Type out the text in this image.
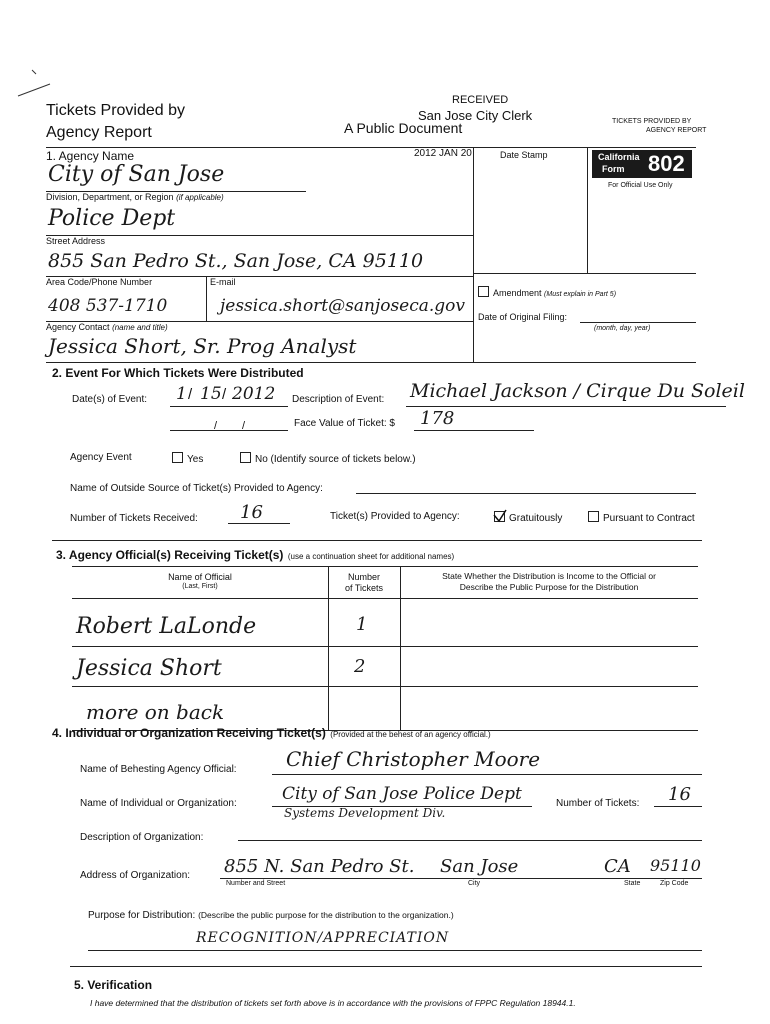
Tickets Provided by
Agency Report
RECEIVED
San Jose City Clerk
A Public Document	TICKETS PROVIDED BY
AGENCY REPORT
2012 JAN 20	Date Stamp	California
Form 802
For Official Use Only
1. Agency Name
City of San Jose
Division, Department, or Region (if applicable)
Police Dept
Street Address
855 San Pedro St., San Jose, CA 95110
Area Code/Phone Number	E-mail
408 537-1710	jessica.short@sanjoseca.gov
Agency Contact (name and title)
Jessica Short, Sr. Prog Analyst
Amendment (Must explain in Part 5)
Date of Original Filing:
(month, day, year)
2. Event For Which Tickets Were Distributed
Date(s) of Event: 1 / 15 / 2012 Description of Event: Michael Jackson / Cirque Du Soleil
/ /	Face Value of Ticket: $ 178
Agency Event	Yes	No (Identify source of tickets below.)
Name of Outside Source of Ticket(s) Provided to Agency:
Number of Tickets Received: 16	Ticket(s) Provided to Agency:	Gratuitously	Pursuant to Contract
3. Agency Official(s) Receiving Ticket(s) (use a continuation sheet for additional names)
Name of Official
(Last, First)
Number
of Tickets
State Whether the Distribution is Income to the Official or
Describe the Public Purpose for the Distribution
Robert LaLonde	1
Jessica Short	2
more on back
4. Individual or Organization Receiving Ticket(s) (Provided at the behest of an agency official.)
Name of Behesting Agency Official: Chief Christopher Moore
Name of Individual or Organization:	City of San Jose Police Dept
Systems Development Div.
Number of Tickets: 16
Description of Organization:
Address of Organization: 855 N. San Pedro St. San Jose	CA 95110
Number and Street	City	State	Zip Code
Purpose for Distribution: (Describe the public purpose for the distribution to the organization.)
RECOGNITION/APPRECIATION
5. Verification
I have determined that the distribution of tickets set forth above is in accordance with the provisions of FPPC Regulation 18944.1.
